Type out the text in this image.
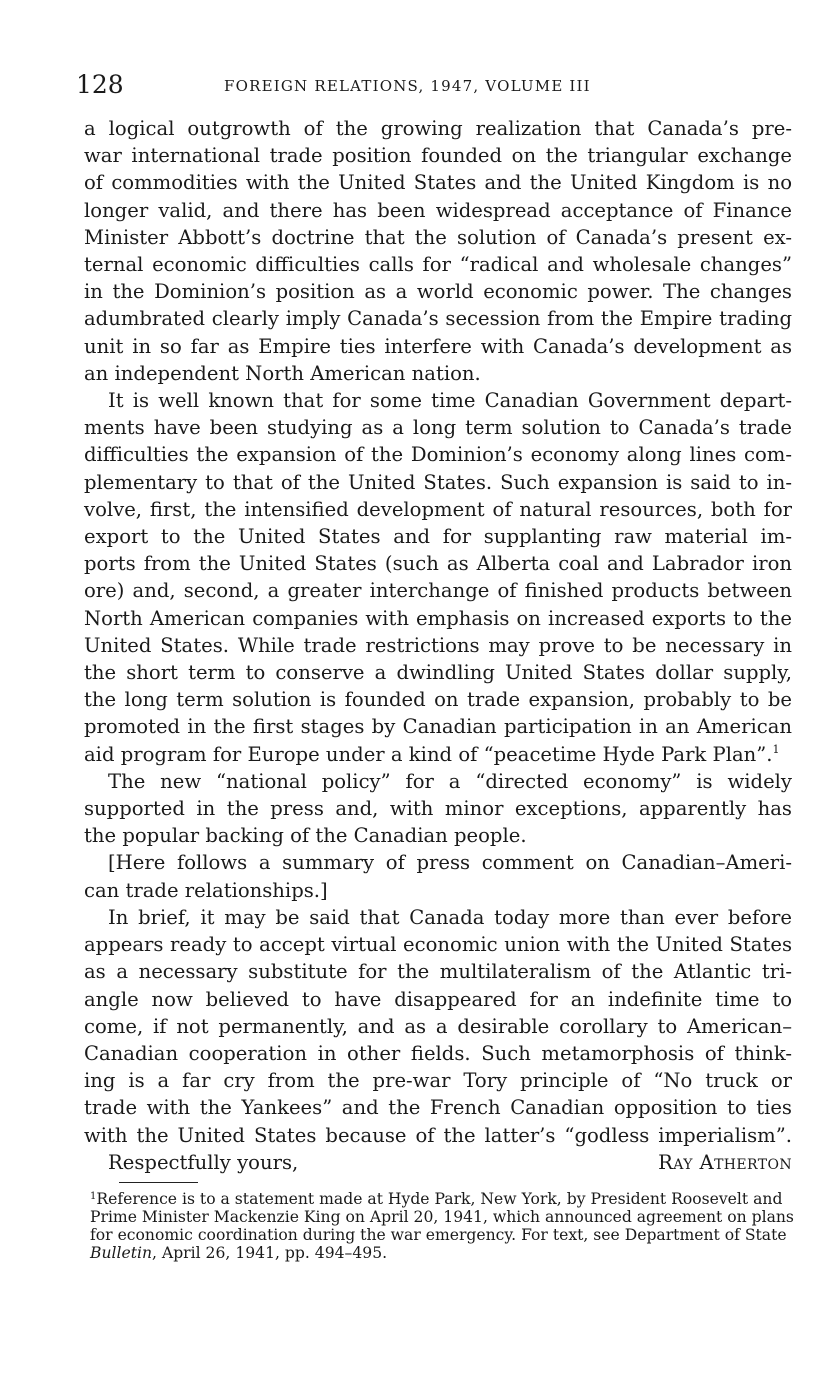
128	FOREIGN RELATIONS, 1947, VOLUME III
a logical outgrowth of the growing realization that Canada’s pre-
war international trade position founded on the triangular exchange
of commodities with the United States and the United Kingdom is no
longer valid, and there has been widespread acceptance of Finance
Minister Abbott’s doctrine that the solution of Canada’s present ex-
ternal economic difficulties calls for “radical and wholesale changes”
in the Dominion’s position as a world economic power. The changes
adumbrated clearly imply Canada’s secession from the Empire trading
unit in so far as Empire ties interfere with Canada’s development as
an independent North American nation.
It is well known that for some time Canadian Government depart-
ments have been studying as a long term solution to Canada’s trade
difficulties the expansion of the Dominion’s economy along lines com-
plementary to that of the United States. Such expansion is said to in-
volve, first, the intensified development of natural resources, both for
export to the United States and for supplanting raw material im-
ports from the United States (such as Alberta coal and Labrador iron
ore) and, second, a greater interchange of finished products between
North American companies with emphasis on increased exports to the
United States. While trade restrictions may prove to be necessary in
the short term to conserve a dwindling United States dollar supply,
the long term solution is founded on trade expansion, probably to be
promoted in the first stages by Canadian participation in an American
aid program for Europe under a kind of “peacetime Hyde Park Plan”.$^1$
The new “national policy” for a “directed economy” is widely
supported in the press and, with minor exceptions, apparently has
the popular backing of the Canadian people.
[Here follows a summary of press comment on Canadian–Ameri-
can trade relationships.]
In brief, it may be said that Canada today more than ever before
appears ready to accept virtual economic union with the United States
as a necessary substitute for the multilateralism of the Atlantic tri-
angle now believed to have disappeared for an indefinite time to
come, if not permanently, and as a desirable corollary to American–
Canadian cooperation in other fields. Such metamorphosis of think-
ing is a far cry from the pre-war Tory principle of “No truck or
trade with the Yankees” and the French Canadian opposition to ties
with the United States because of the latter’s “godless imperialism”.
Respectfully yours,	Ray Atherton
$^1$Reference is to a statement made at Hyde Park, New York, by President Roosevelt and Prime Minister Mackenzie King on April 20, 1941, which announced agreement on plans for economic coordination during the war emergency. For text, see Department of State Bulletin, April 26, 1941, pp. 494–495.
